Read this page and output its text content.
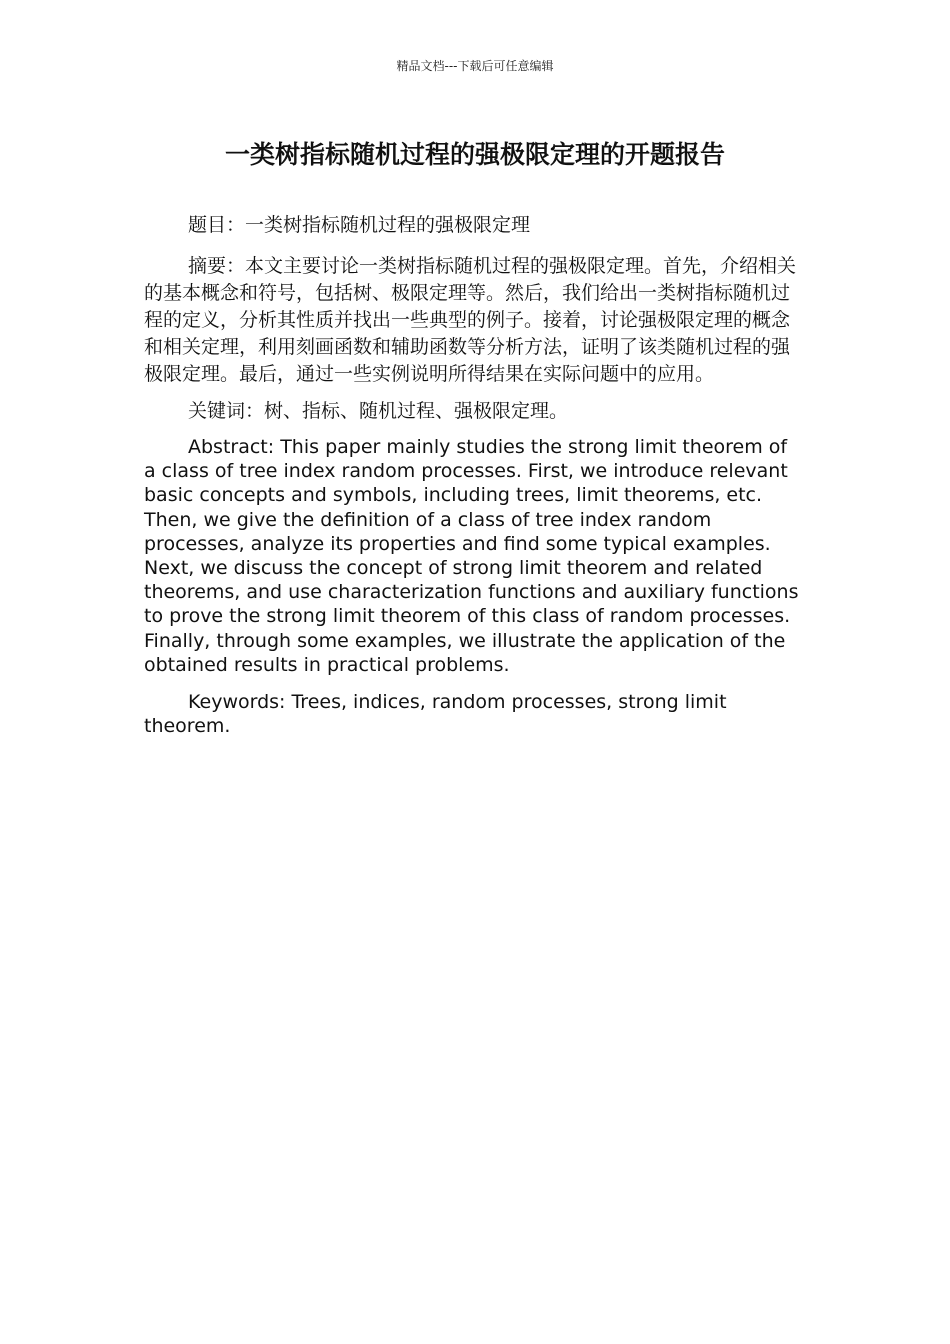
精品文档---下载后可任意编辑
一类树指标随机过程的强极限定理的开题报告

题目：一类树指标随机过程的强极限定理

摘要：本文主要讨论一类树指标随机过程的强极限定理。首先，介绍相关的基本概念和符号，包括树、极限定理等。然后，我们给出一类树指标随机过程的定义，分析其性质并找出一些典型的例子。接着，讨论强极限定理的概念和相关定理，利用刻画函数和辅助函数等分析方法，证明了该类随机过程的强极限定理。最后，通过一些实例说明所得结果在实际问题中的应用。

关键词：树、指标、随机过程、强极限定理。

Abstract: This paper mainly studies the strong limit theorem of a class of tree index random processes. First, we introduce relevant basic concepts and symbols, including trees, limit theorems, etc. Then, we give the definition of a class of tree index random processes, analyze its properties and find some typical examples. Next, we discuss the concept of strong limit theorem and related theorems, and use characterization functions and auxiliary functions to prove the strong limit theorem of this class of random processes. Finally, through some examples, we illustrate the application of the obtained results in practical problems.

Keywords: Trees, indices, random processes, strong limit theorem.
